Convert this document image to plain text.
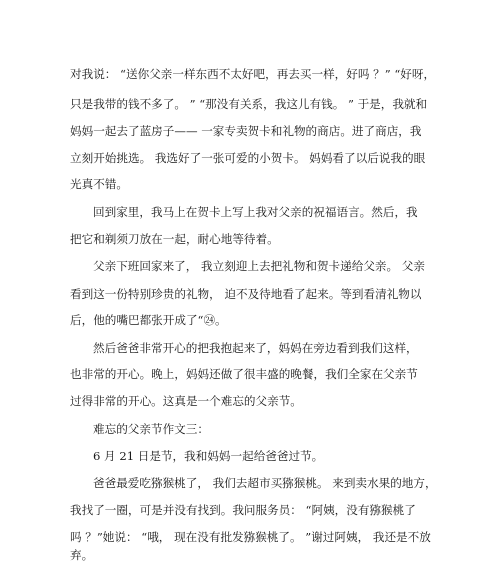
对我说： “送你父亲一样东西不太好吧，再去买一样，好吗 ？” “好呀，
只是我带的钱不多了。 ” “那没有关系，我这儿有钱。 ” 于是，我就和
妈妈一起去了蓝房子—— 一家专卖贺卡和礼物的商店。进了商店，我
立刻开始挑选。 我选好了一张可爱的小贺卡。 妈妈看了以后说我的眼
光真不错。
回到家里，我马上在贺卡上写上我对父亲的祝福语言。然后，我
把它和剃须刀放在一起，耐心地等待着。
父亲下班回家来了， 我立刻迎上去把礼物和贺卡递给父亲。 父亲
看到这一份特别珍贵的礼物， 迫不及待地看了起来。等到看清礼物以
后，他的嘴巴都张开成了“㉔。
然后爸爸非常开心的把我抱起来了，妈妈在旁边看到我们这样，
也非常的开心。晚上，妈妈还做了很丰盛的晚餐，我们全家在父亲节
过得非常的开心。这真是一个难忘的父亲节。
难忘的父亲节作文三：
6 月 21 日是节，我和妈妈一起给爸爸过节。
爸爸最爱吃猕猴桃了， 我们去超市买猕猴桃。 来到卖水果的地方，
我找了一圈，可是并没有找到。我问服务员： “阿姨，没有猕猴桃了
吗 ？”她说： “哦， 现在没有批发猕猴桃了。 ”谢过阿姨， 我还是不放
弃。
